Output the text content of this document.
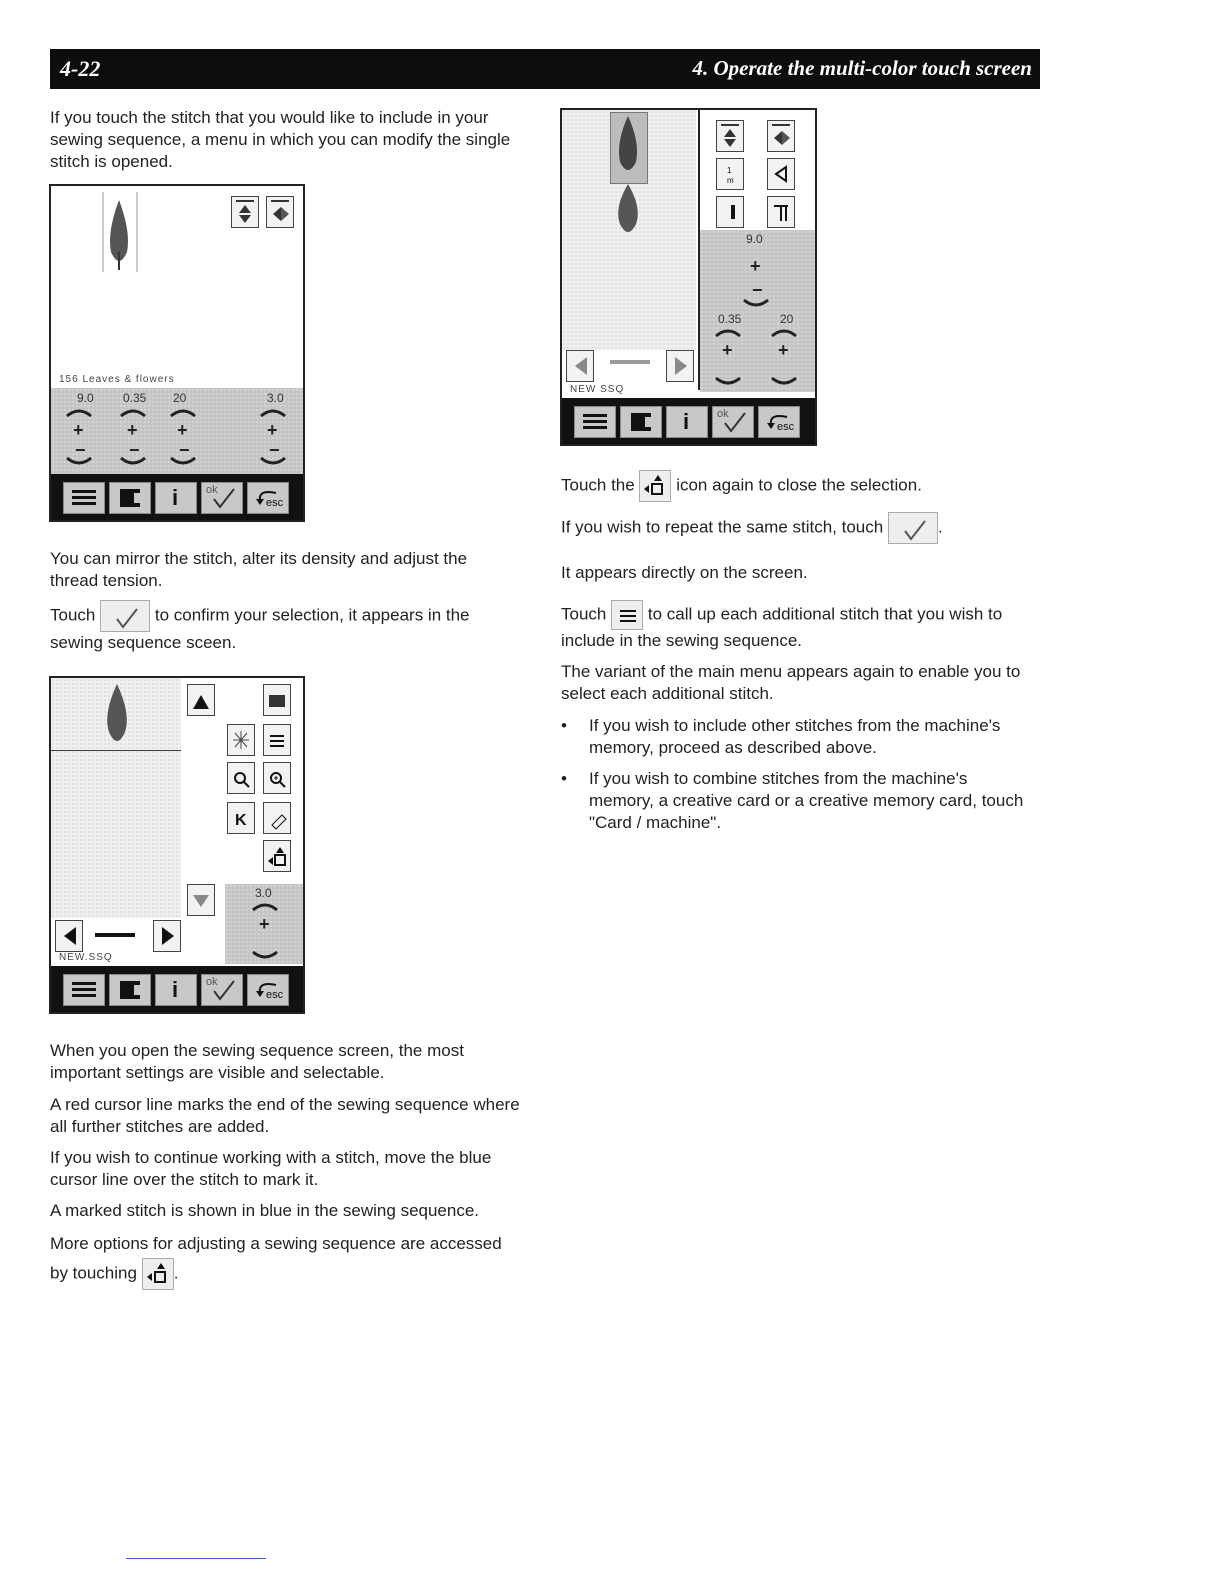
4-22	4. Operate the multi-color touch screen

If you touch the stitch that you would like to include in your sewing sequence, a menu in which you can modify the single stitch is opened.

156 Leaves & flowers
9.0 0.35 20	3.0
+
−
+
−
+
−
+
−
i	ok
esc

You can mirror the stitch, alter its density and adjust the thread tension.

Touch	to confirm your selection, it appears in the sewing sequence sceen.

K
3.0
+
NEW.SSQ
i	ok
esc

When you open the sewing sequence screen, the most important settings are visible and selectable.

A red cursor line marks the end of the sewing sequence where all further stitches are added.

If you wish to continue working with a stitch, move the blue cursor line over the stitch to mark it.

A marked stitch is shown in blue in the sewing sequence.

More options for adjusting a sewing sequence are accessed

by touching .

1
m
9.0
+
−
0.35	20
+	+
NEW SSQ
i	ok
esc

Touch the icon again to close the selection.

If you wish to repeat the same stitch, touch	.

It appears directly on the screen.

Touch to call up each additional stitch that you wish to include in the sewing sequence.

The variant of the main menu appears again to enable you to select each additional stitch.

• If you wish to include other stitches from the machine's memory, proceed as described above.
• If you wish to combine stitches from the machine's memory, a creative card or a creative memory card, touch "Card / machine".
